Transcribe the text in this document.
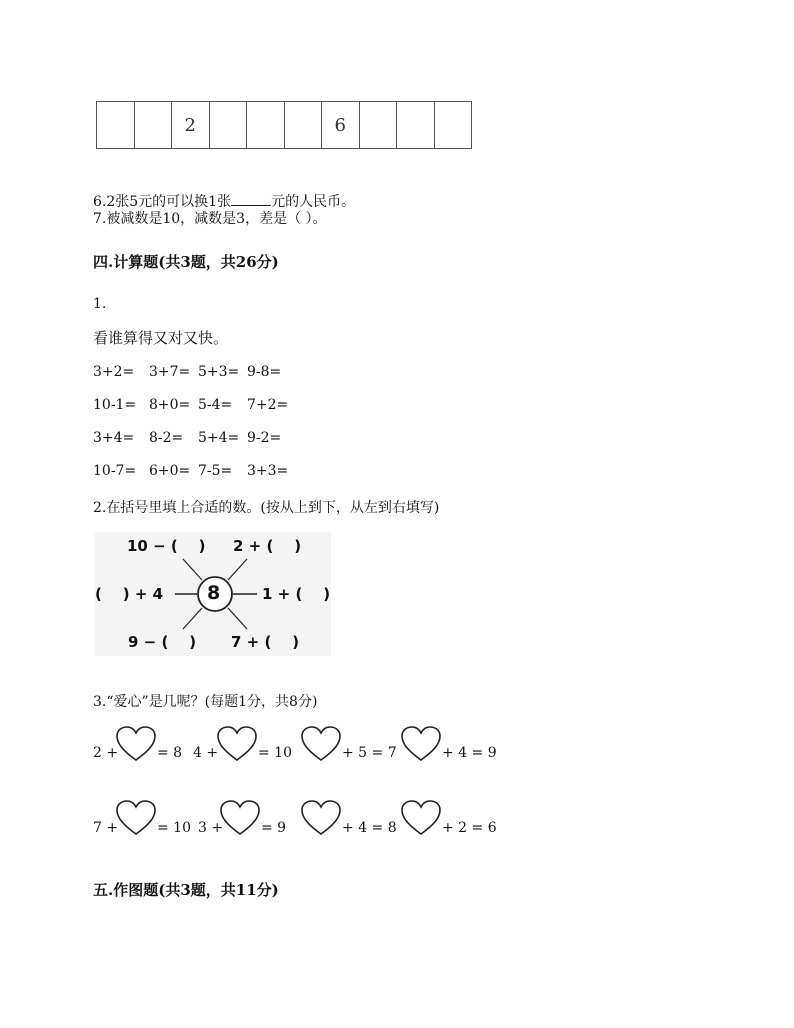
2	6
6.2张5元的可以换1张	元的人民币。
7.被减数是10，减数是3，差是（ ）。
四.计算题(共3题，共26分)
1.
看谁算得又对又快。
3+2=	3+7= 5+3= 9-8=
10-1= 8+0= 5-4=	7+2=
3+4=	8-2=	5+4= 9-2=
10-7= 6+0= 7-5=	3+3=
2.在括号里填上合适的数。(按从上到下，从左到右填写)
8
10 − (    ) 2 + (    )
(    ) + 4	1 + (    )
9 − (    ) 7 + (    )
3.“爱心”是几呢？(每题1分，共8分)
2 +	= 8 4 +	= 10	+ 5 = 7	+ 4 = 9
7 +	= 10 3 +	= 9	+ 4 = 8	+ 2 = 6
五.作图题(共3题，共11分)
